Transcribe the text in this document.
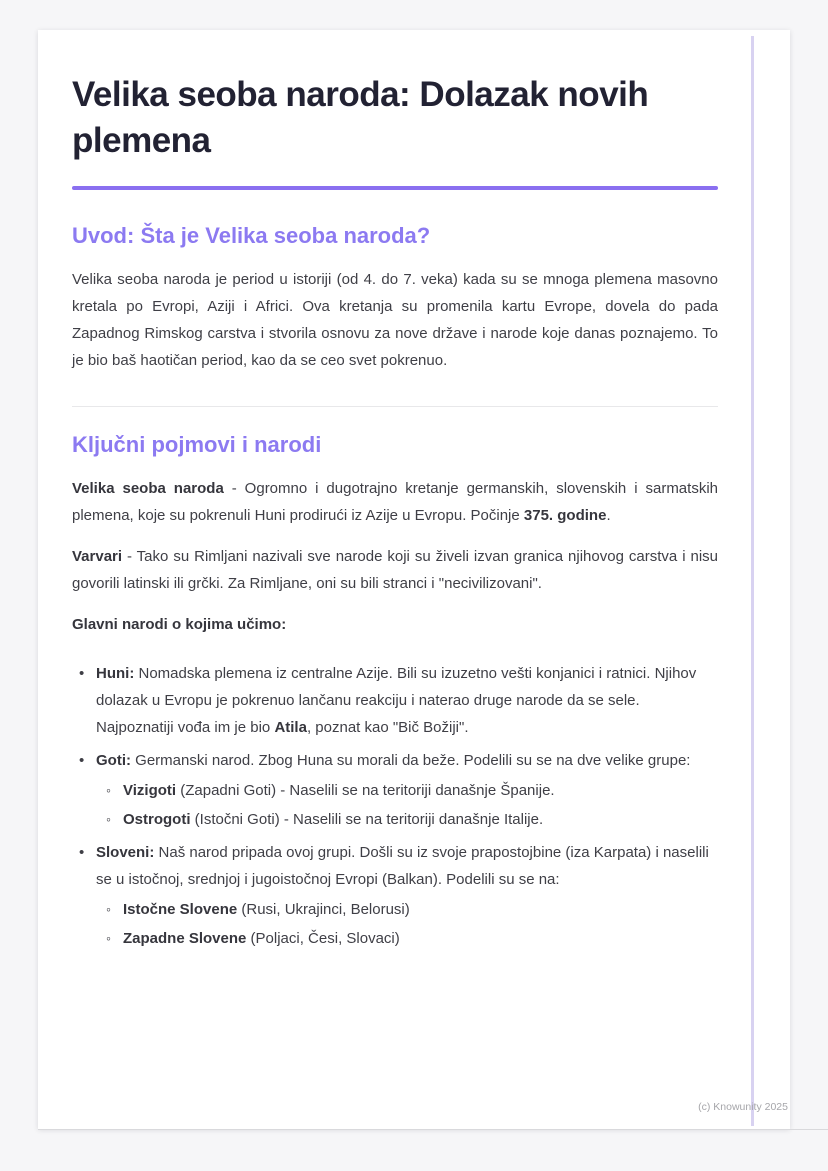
Velika seoba naroda: Dolazak novih plemena
Uvod: Šta je Velika seoba naroda?

Velika seoba naroda je period u istoriji (od 4. do 7. veka) kada su se mnoga plemena masovno kretala po Evropi, Aziji i Africi. Ova kretanja su promenila kartu Evrope, dovela do pada Zapadnog Rimskog carstva i stvorila osnovu za nove države i narode koje danas poznajemo. To je bio baš haotičan period, kao da se ceo svet pokrenuo.

Ključni pojmovi i narodi

Velika seoba naroda - Ogromno i dugotrajno kretanje germanskih, slovenskih i sarmatskih plemena, koje su pokrenuli Huni prodirući iz Azije u Evropu. Počinje 375. godine.

Varvari - Tako su Rimljani nazivali sve narode koji su živeli izvan granica njihovog carstva i nisu govorili latinski ili grčki. Za Rimljane, oni su bili stranci i "necivilizovani".

Glavni narodi o kojima učimo:

•

Huni: Nomadska plemena iz centralne Azije. Bili su izuzetno vešti konjanici i ratnici. Njihov dolazak u Evropu je pokrenuo lančanu reakciju i naterao druge narode da se sele. Najpoznatiji vođa im je bio Atila, poznat kao "Bič Božiji".

•

Goti: Germanski narod. Zbog Huna su morali da beže. Podelili su se na dve velike grupe:

◦

Vizigoti (Zapadni Goti) - Naselili se na teritoriji današnje Španije.

◦

Ostrogoti (Istočni Goti) - Naselili se na teritoriji današnje Italije.

•

Sloveni: Naš narod pripada ovoj grupi. Došli su iz svoje prapostojbine (iza Karpata) i naselili se u istočnoj, srednjoj i jugoistočnoj Evropi (Balkan). Podelili su se na:

◦

Istočne Slovene (Rusi, Ukrajinci, Belorusi)

◦

Zapadne Slovene (Poljaci, Česi, Slovaci)

(c) Knowunity 2025
